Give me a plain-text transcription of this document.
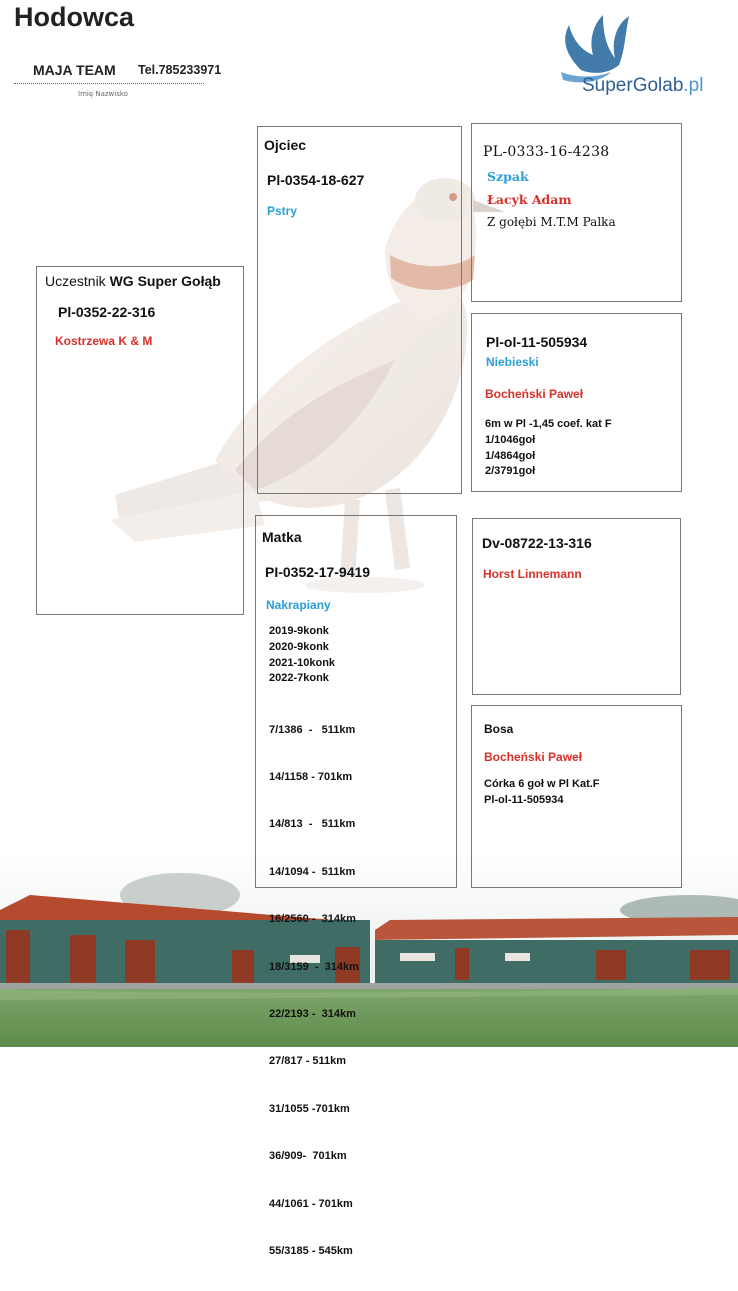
Hodowca
MAJA TEAM Tel.785233971
Imię Nazwisko	SuperGolab.pl
Uczestnik WG Super Gołąb
Pl-0352-22-316
Kostrzewa K & M
Ojciec
Pl-0354-18-627
Pstry
Matka
PI-0352-17-9419
Nakrapiany
2019-9konk
2020-9konk
2021-10konk
2022-7konk

7/1386  -   511km

14/1158 - 701km

14/813  -   511km

14/1094 -  511km

16/2560 -  314km

18/3159  -  314km

22/2193 -  314km

27/817 - 511km

31/1055 -701km

36/909-  701km

44/1061 - 701km

55/3185 - 545km

PL-0333-16-4238
Szpak
Łacyk Adam
Z gołębi M.T.M Palka
Pl-ol-11-505934
Niebieski
Bocheński Paweł
6m w Pl -1,45 coef. kat F
1/1046goł
1/4864goł
2/3791goł
Dv-08722-13-316
Horst Linnemann
Bosa
Bocheński Paweł
Córka 6 goł w Pl Kat.F
Pl-ol-11-505934
